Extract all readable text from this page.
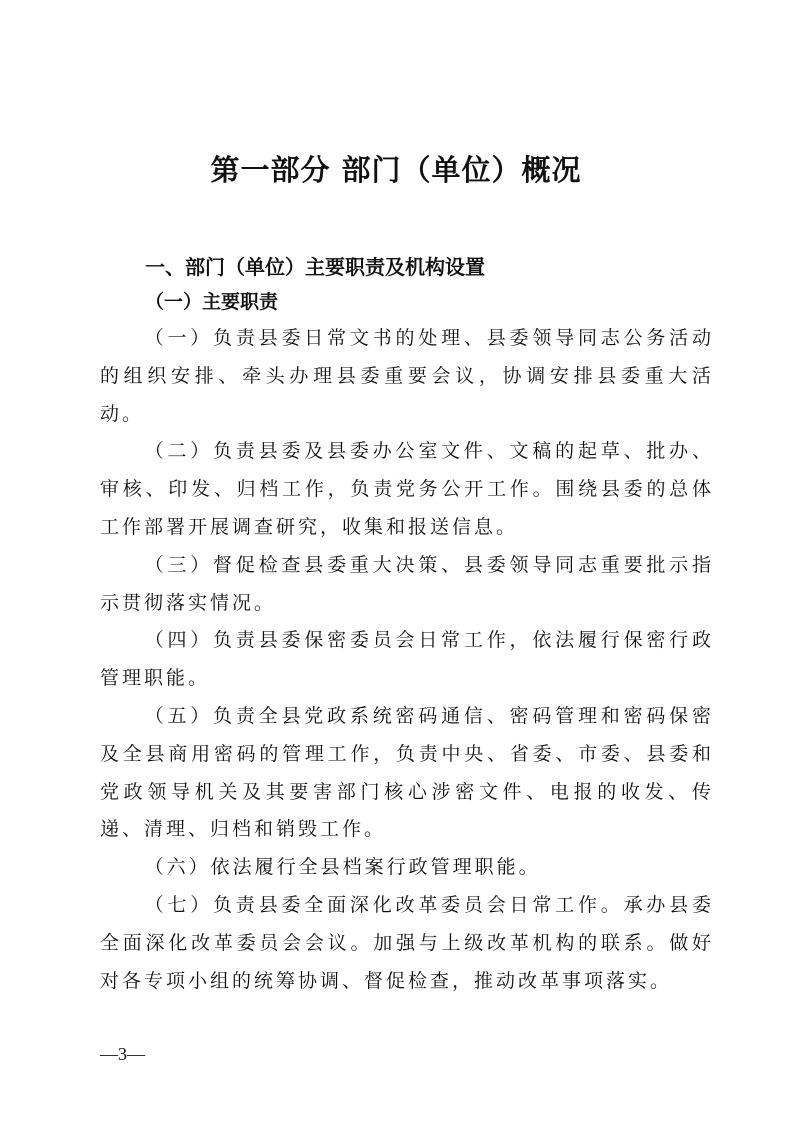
第一部分 部门（单位）概况
一、部门（单位）主要职责及机构设置
（一）主要职责

（一）负责县委日常文书的处理、县委领导同志公务活动的组织安排、牵头办理县委重要会议，协调安排县委重大活动。

（二）负责县委及县委办公室文件、文稿的起草、批办、审核、印发、归档工作，负责党务公开工作。围绕县委的总体工作部署开展调查研究，收集和报送信息。

（三）督促检查县委重大决策、县委领导同志重要批示指示贯彻落实情况。

（四）负责县委保密委员会日常工作，依法履行保密行政管理职能。

（五）负责全县党政系统密码通信、密码管理和密码保密及全县商用密码的管理工作，负责中央、省委、市委、县委和党政领导机关及其要害部门核心涉密文件、电报的收发、传递、清理、归档和销毁工作。

（六）依法履行全县档案行政管理职能。

（七）负责县委全面深化改革委员会日常工作。承办县委全面深化改革委员会会议。加强与上级改革机构的联系。做好对各专项小组的统筹协调、督促检查，推动改革事项落实。

—3—
